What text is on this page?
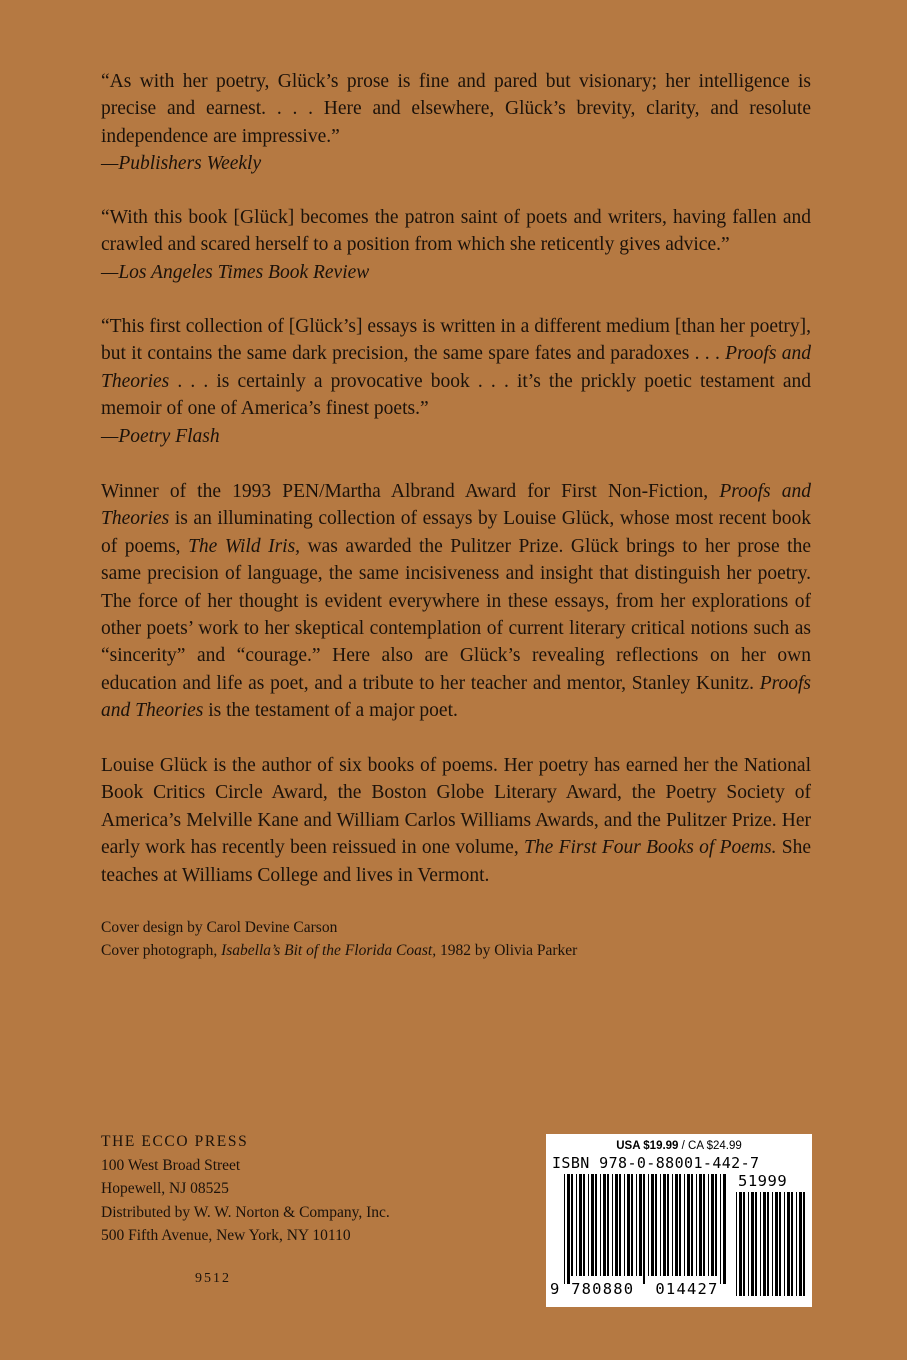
“As with her poetry, Glück’s prose is fine and pared but visionary; her intelligence is precise and earnest. . . . Here and elsewhere, Glück’s brevity, clarity, and resolute independence are impressive.”

—Publishers Weekly

“With this book [Glück] becomes the patron saint of poets and writers, having fallen and crawled and scared herself to a position from which she reticently gives advice.”

—Los Angeles Times Book Review

“This first collection of [Glück’s] essays is written in a different medium [than her poetry], but it contains the same dark precision, the same spare fates and paradoxes . . . Proofs and Theories . . . is certainly a provocative book . . . it’s the prickly poetic testament and memoir of one of America’s finest poets.”

—Poetry Flash

Winner of the 1993 PEN/Martha Albrand Award for First Non-Fiction, Proofs and Theories is an illuminating collection of essays by Louise Glück, whose most recent book of poems, The Wild Iris, was awarded the Pulitzer Prize. Glück brings to her prose the same precision of language, the same incisiveness and insight that distinguish her poetry. The force of her thought is evident everywhere in these essays, from her explorations of other poets’ work to her skeptical contemplation of current literary critical notions such as “sincerity” and “courage.” Here also are Glück’s revealing reflections on her own education and life as poet, and a tribute to her teacher and mentor, Stanley Kunitz. Proofs and Theories is the testament of a major poet.

Louise Glück is the author of six books of poems. Her poetry has earned her the National Book Critics Circle Award, the Boston Globe Literary Award, the Poetry Society of America’s Melville Kane and William Carlos Williams Awards, and the Pulitzer Prize. Her early work has recently been reissued in one volume, The First Four Books of Poems. She teaches at Williams College and lives in Vermont.

Cover design by Carol Devine Carson
Cover photograph, Isabella’s Bit of the Florida Coast, 1982 by Olivia Parker
THE ECCO PRESS
100 West Broad Street
Hopewell, NJ 08525
Distributed by W. W. Norton & Company, Inc.
500 Fifth Avenue, New York, NY 10110
9512
USA $19.99 / CA $24.99
ISBN 978-0-88001-442-7
51999
9 780880 014427
